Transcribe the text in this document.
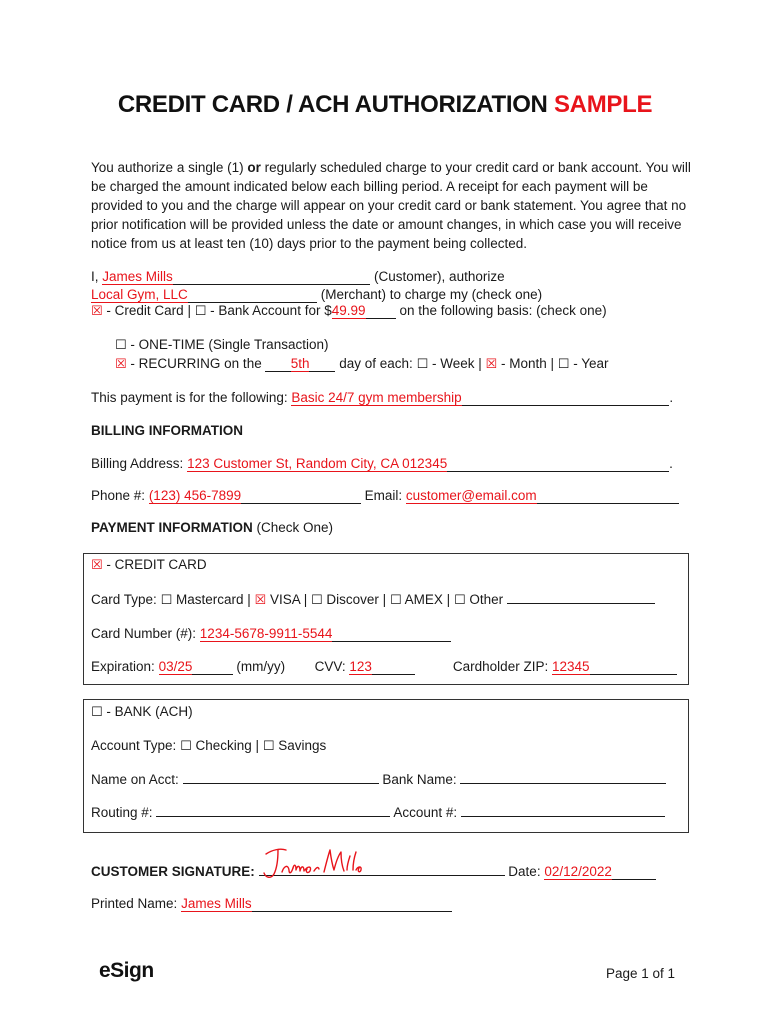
CREDIT CARD / ACH AUTHORIZATION SAMPLE
You authorize a single (1) or regularly scheduled charge to your credit card or bank account. You will be charged the amount indicated below each billing period. A receipt for each payment will be provided to you and the charge will appear on your credit card or bank statement. You agree that no prior notification will be provided unless the date or amount changes, in which case you will receive notice from us at least ten (10) days prior to the payment being collected.
I, James Mills	(Customer), authorize
Local Gym, LLC	(Merchant) to charge my (check one)
☒ - Credit Card | ☐ - Bank Account for $49.99	on the following basis: (check one)
☐ - ONE-TIME (Single Transaction)
☒ - RECURRING on the 5th day of each: ☐ - Week | ☒ - Month | ☐ - Year
This payment is for the following: Basic 24/7 gym membership	.
BILLING INFORMATION
Billing Address: 123 Customer St, Random City, CA 012345	.
Phone #: (123) 456-7899	Email: customer@email.com
PAYMENT INFORMATION (Check One)
☒ - CREDIT CARD
Card Type: ☐ Mastercard | ☒ VISA | ☐ Discover | ☐ AMEX | ☐ Other
Card Number (#): 1234-5678-9911-5544
Expiration: 03/25	(mm/yy) CVV: 123	Cardholder ZIP: 12345
☐ - BANK (ACH)
Account Type: ☐ Checking | ☐ Savings
Name on Acct:	Bank Name:
Routing #:	Account #:
CUSTOMER SIGNATURE:	Date: 02/12/2022
Printed Name: James Mills
eSign	Page 1 of 1
